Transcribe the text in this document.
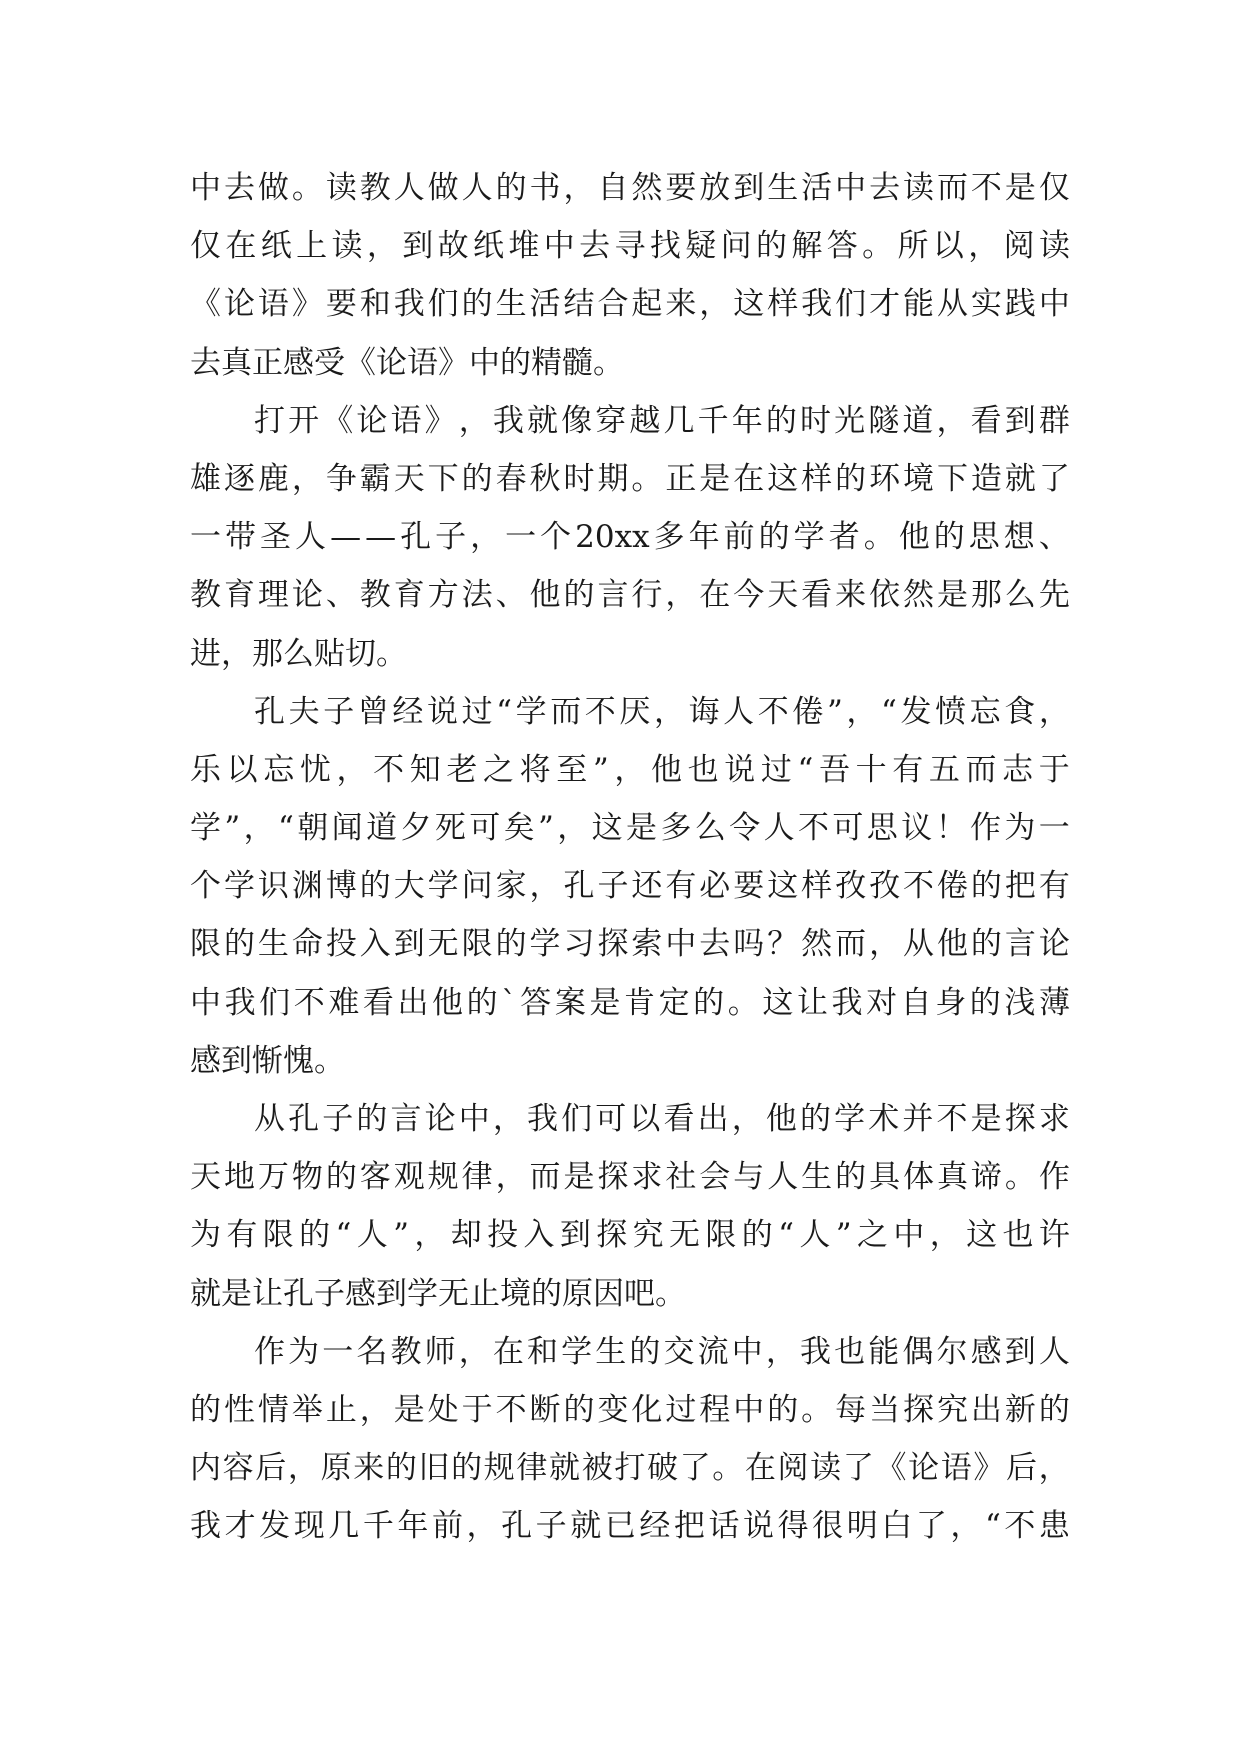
中 去 做 。 读 教 人 做 人 的 书 ， 自 然 要 放 到 生 活 中 去 读 而 不 是 仅
仅 在 纸 上 读 ， 到 故 纸 堆 中 去 寻 找 疑 问 的 解 答 。 所 以 ， 阅 读
《 论 语 》 要 和 我 们 的 生 活 结 合 起 来 ， 这 样 我 们 才 能 从 实 践 中
去真正感受《论语》中的精髓。
打 开 《 论 语 》 ， 我 就 像 穿 越 几 千 年 的 时 光 隧 道 ， 看 到 群
雄 逐 鹿 ， 争 霸 天 下 的 春 秋 时 期 。 正 是 在 这 样 的 环 境 下 造 就 了
一 带 圣 人 — — 孔 子 ， 一 个 20xx 多 年 前 的 学 者 。 他 的 思 想 、
教 育 理 论 、 教 育 方 法 、 他 的 言 行 ， 在 今 天 看 来 依 然 是 那 么 先
进，那么贴切。
孔 夫 子 曾 经 说 过 “ 学 而 不 厌 ， 诲 人 不 倦 ” ， “ 发 愤 忘 食 ，
乐 以 忘 忧 ， 不 知 老 之 将 至 ” ， 他 也 说 过 “ 吾 十 有 五 而 志 于
学 ” ， “ 朝 闻 道 夕 死 可 矣 ” ， 这 是 多 么 令 人 不 可 思 议 ！ 作 为 一
个 学 识 渊 博 的 大 学 问 家 ， 孔 子 还 有 必 要 这 样 孜 孜 不 倦 的 把 有
限 的 生 命 投 入 到 无 限 的 学 习 探 索 中 去 吗 ？ 然 而 ， 从 他 的 言 论
中 我 们 不 难 看 出 他 的 ` 答 案 是 肯 定 的 。 这 让 我 对 自 身 的 浅 薄
感到惭愧。
从 孔 子 的 言 论 中 ， 我 们 可 以 看 出 ， 他 的 学 术 并 不 是 探 求
天 地 万 物 的 客 观 规 律 ， 而 是 探 求 社 会 与 人 生 的 具 体 真 谛 。 作
为 有 限 的 “ 人 ” ， 却 投 入 到 探 究 无 限 的 “ 人 ” 之 中 ， 这 也 许
就是让孔子感到学无止境的原因吧。
作 为 一 名 教 师 ， 在 和 学 生 的 交 流 中 ， 我 也 能 偶 尔 感 到 人
的 性 情 举 止 ， 是 处 于 不 断 的 变 化 过 程 中 的 。 每 当 探 究 出 新 的
内 容 后 ， 原 来 的 旧 的 规 律 就 被 打 破 了 。 在 阅 读 了 《 论 语 》 后 ，
我 才 发 现 几 千 年 前 ， 孔 子 就 已 经 把 话 说 得 很 明 白 了 ， “ 不 患
